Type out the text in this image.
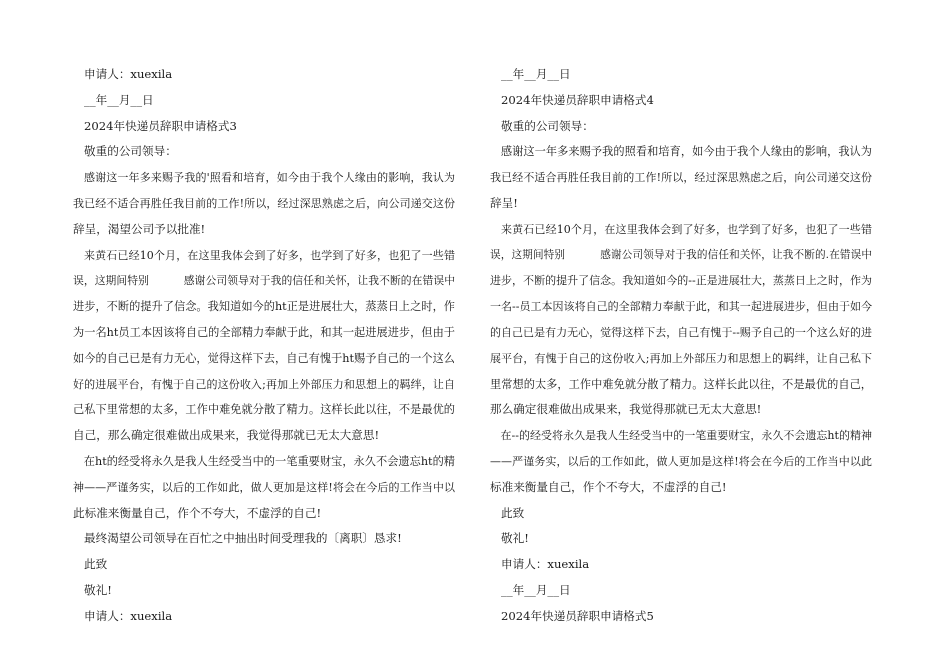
申请人：xuexila
__年__月__日
2024年快递员辞职申请格式3
敬重的公司领导：
感谢这一年多来赐予我的'照看和培育，如今由于我个人缘由的影响，我认为
我已经不适合再胜任我目前的工作!所以，经过深思熟虑之后，向公司递交这份
辞呈，渴望公司予以批准!
来黄石已经10个月，在这里我体会到了好多，也学到了好多，也犯了一些错
误，这期间特别          感谢公司领导对于我的信任和关怀，让我不断的在错误中
进步，不断的提升了信念。我知道如今的ht正是进展壮大，蒸蒸日上之时，作
为一名ht员工本因该将自己的全部精力奉献于此，和其一起进展进步，但由于
如今的自己已是有力无心，觉得这样下去，自己有愧于ht赐予自己的一个这么
好的进展平台，有愧于自己的这份收入;再加上外部压力和思想上的羁绊，让自
己私下里常想的太多，工作中难免就分散了精力。这样长此以往，不是最优的
自己，那么确定很难做出成果来，我觉得那就已无太大意思!
在ht的经受将永久是我人生经受当中的一笔重要财宝，永久不会遗忘ht的精
神——严谨务实，以后的工作如此，做人更加是这样!将会在今后的工作当中以
此标准来衡量自己，作个不夸大，不虚浮的自己!
最终渴望公司领导在百忙之中抽出时间受理我的〔离职〕恳求!
此致
敬礼!
申请人：xuexila
__年__月__日
2024年快递员辞职申请格式4
敬重的公司领导：
感谢这一年多来赐予我的照看和培育，如今由于我个人缘由的影响，我认为
我已经不适合再胜任我目前的工作!所以，经过深思熟虑之后，向公司递交这份
辞呈!
来黄石已经10个月，在这里我体会到了好多，也学到了好多，也犯了一些错
误，这期间特别          感谢公司领导对于我的信任和关怀，让我不断的.在错误中
进步，不断的提升了信念。我知道如今的--正是进展壮大，蒸蒸日上之时，作为
一名--员工本因该将自己的全部精力奉献于此，和其一起进展进步，但由于如今
的自己已是有力无心，觉得这样下去，自己有愧于--赐予自己的一个这么好的进
展平台，有愧于自己的这份收入;再加上外部压力和思想上的羁绊，让自己私下
里常想的太多，工作中难免就分散了精力。这样长此以往，不是最优的自己，
那么确定很难做出成果来，我觉得那就已无太大意思!
在--的经受将永久是我人生经受当中的一笔重要财宝，永久不会遗忘ht的精神
——严谨务实，以后的工作如此，做人更加是这样!将会在今后的工作当中以此
标准来衡量自己，作个不夸大，不虚浮的自己!
此致
敬礼!
申请人：xuexila
__年__月__日
2024年快递员辞职申请格式5
